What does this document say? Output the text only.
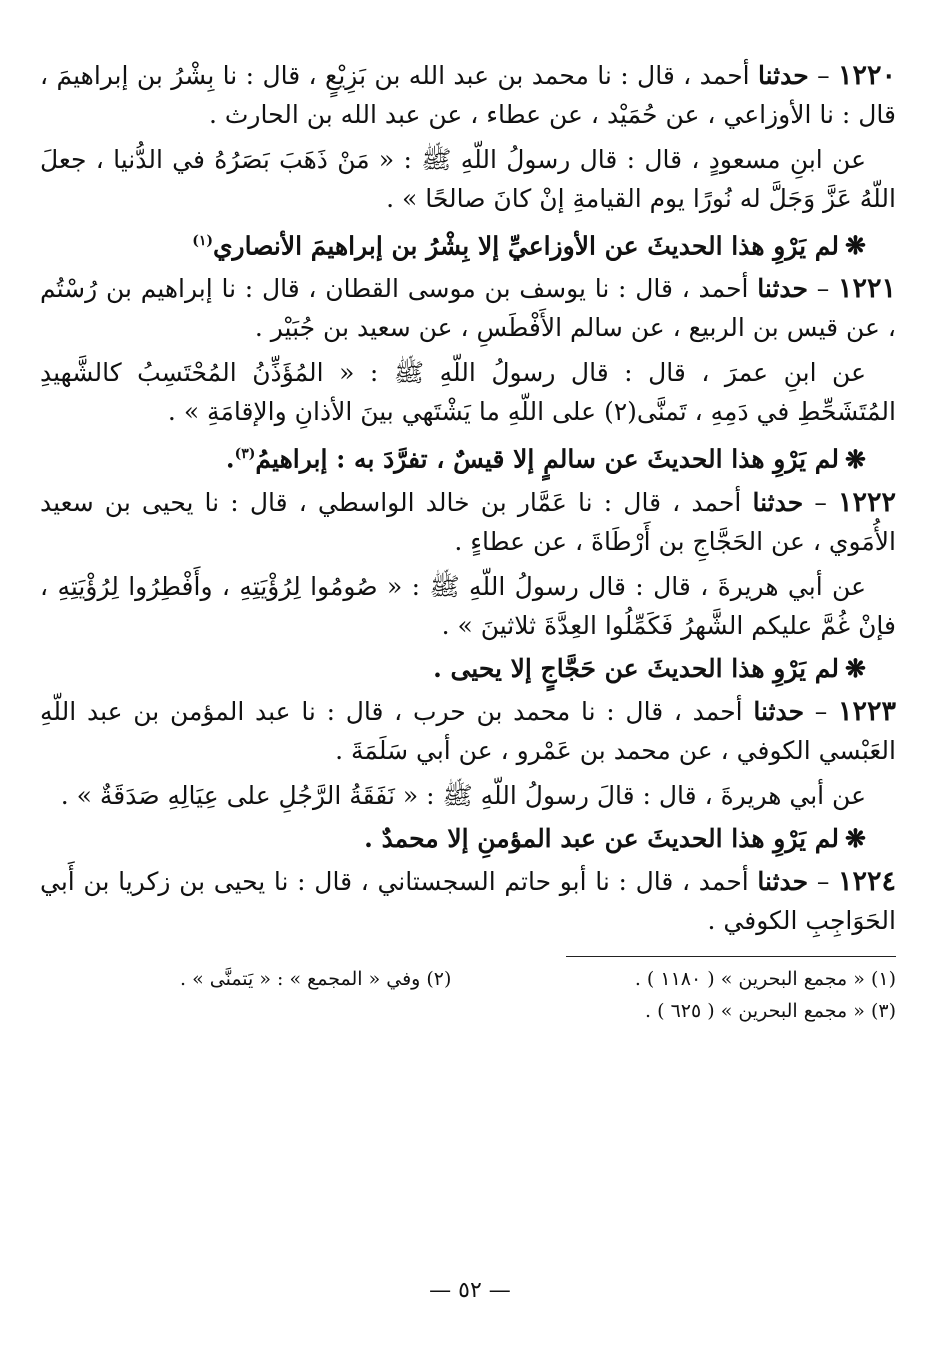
١٢٢٠ – حدثنا أحمد ، قال : نا محمد بن عبد الله بن بَزِيْعٍ ، قال : نا بِشْرُ بن إبراهيمَ ، قال : نا الأوزاعي ، عن حُمَيْد ، عن عطاء ، عن عبد الله بن الحارث .

عن ابنِ مسعودٍ ، قال : قال رسولُ اللّهِ ﷺ : « مَنْ ذَهَبَ بَصَرُهُ في الدُّنيا ، جعلَ اللّهُ عَزَّ وَجَلَّ له نُورًا يوم القيامةِ إنْ كانَ صالحًا » .

❋لم يَرْوِ هذا الحديثَ عن الأوزاعيِّ إلا بِشْرُ بن إبراهيمَ الأنصاري$^{(١)}$

١٢٢١ – حدثنا أحمد ، قال : نا يوسف بن موسى القطان ، قال : نا إبراهيم بن رُسْتُم ، عن قيس بن الربيع ، عن سالم الأَفْطَسِ ، عن سعيد بن جُبَيْر .

عن ابنِ عمرَ ، قال : قال رسولُ اللّهِ ﷺ : « المُؤَذِّنُ المُحْتَسِبُ كالشَّهيدِ المُتَشَحِّطِ في دَمِهِ ، تَمنَّى(٢) على اللّهِ ما يَشْتَهي بينَ الأذانِ والإقامَةِ » .

❋لم يَرْوِ هذا الحديثَ عن سالمٍ إلا قيسٌ ، تفرَّدَ به : إبراهيمُ$^{(٣)}$.

١٢٢٢ – حدثنا أحمد ، قال : نا عَمَّار بن خالد الواسطي ، قال : نا يحيى بن سعيد الأُمَوي ، عن الحَجَّاجِ بن أَرْطَاةَ ، عن عطاءٍ .

عن أبي هريرةَ ، قال : قال رسولُ اللّهِ ﷺ : « صُومُوا لِرُؤْيَتِهِ ، وأَفْطِرُوا لِرُؤْيَتِهِ ، فإنْ غُمَّ عليكم الشَّهرُ فَكَمِّلُوا العِدَّةَ ثلاثينَ » .

❋لم يَرْوِ هذا الحديثَ عن حَجَّاجٍ إلا يحيى .

١٢٢٣ – حدثنا أحمد ، قال : نا محمد بن حرب ، قال : نا عبد المؤمن بن عبد اللّهِ العَبْسي الكوفي ، عن محمد بن عَمْرو ، عن أبي سَلَمَةَ .

عن أبي هريرةَ ، قال : قالَ رسولُ اللّهِ ﷺ : « نَفَقَةُ الرَّجُلِ على عِيَالِهِ صَدَقَةٌ » .

❋لم يَرْوِ هذا الحديثَ عن عبد المؤمنِ إلا محمدٌ .

١٢٢٤ – حدثنا أحمد ، قال : نا أبو حاتم السجستاني ، قال : نا يحيى بن زكريا بن أَبي الحَوَاجِبِ الكوفي .

(١) « مجمع البحرين » ( ١١٨٠ ) .
(٢) وفي « المجمع » : « يَتمنَّى » .
(٣) « مجمع البحرين » ( ٦٢٥ ) .
— ٥٢ —
